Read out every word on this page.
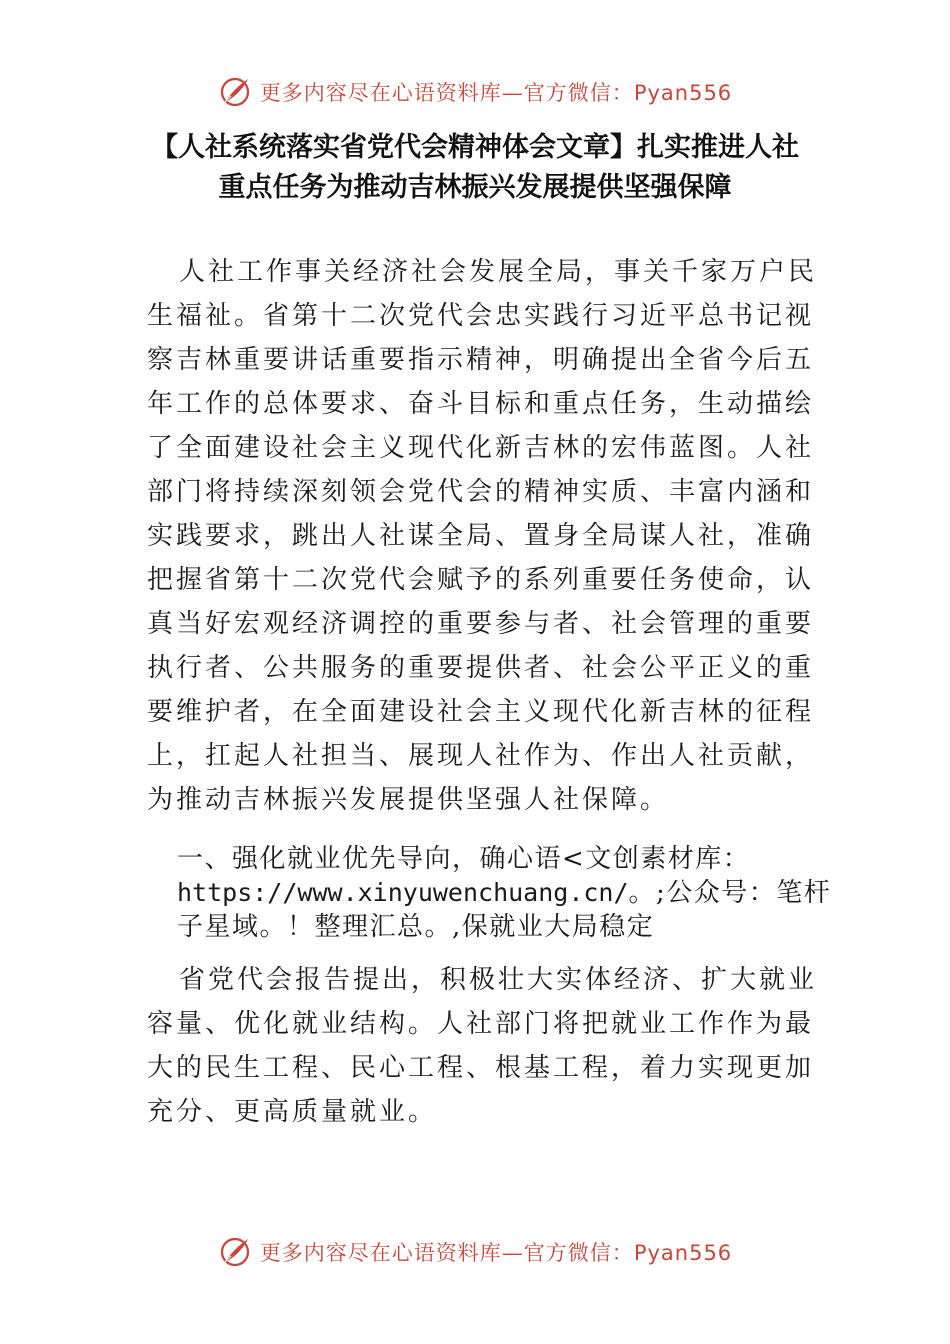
更多内容尽在心语资料库—官方微信：Pyan556
【人社系统落实省党代会精神体会文章】扎实推进人社
重点任务为推动吉林振兴发展提供坚强保障
人社工作事关经济社会发展全局，事关千家万户民
生福祉。省第十二次党代会忠实践行习近平总书记视
察吉林重要讲话重要指示精神，明确提出全省今后五
年工作的总体要求、奋斗目标和重点任务，生动描绘
了全面建设社会主义现代化新吉林的宏伟蓝图。人社
部门将持续深刻领会党代会的精神实质、丰富内涵和
实践要求，跳出人社谋全局、置身全局谋人社，准确
把握省第十二次党代会赋予的系列重要任务使命，认
真当好宏观经济调控的重要参与者、社会管理的重要
执行者、公共服务的重要提供者、社会公平正义的重
要维护者，在全面建设社会主义现代化新吉林的征程
上，扛起人社担当、展现人社作为、作出人社贡献，
为推动吉林振兴发展提供坚强人社保障。
一、强化就业优先导向，确心语<文创素材库：
https://www.xinyuwenchuang.cn/。;公众号：笔杆
子星域。！整理汇总。,保就业大局稳定
省党代会报告提出，积极壮大实体经济、扩大就业
容量、优化就业结构。人社部门将把就业工作作为最
大的民生工程、民心工程、根基工程，着力实现更加
充分、更高质量就业。
更多内容尽在心语资料库—官方微信：Pyan556
